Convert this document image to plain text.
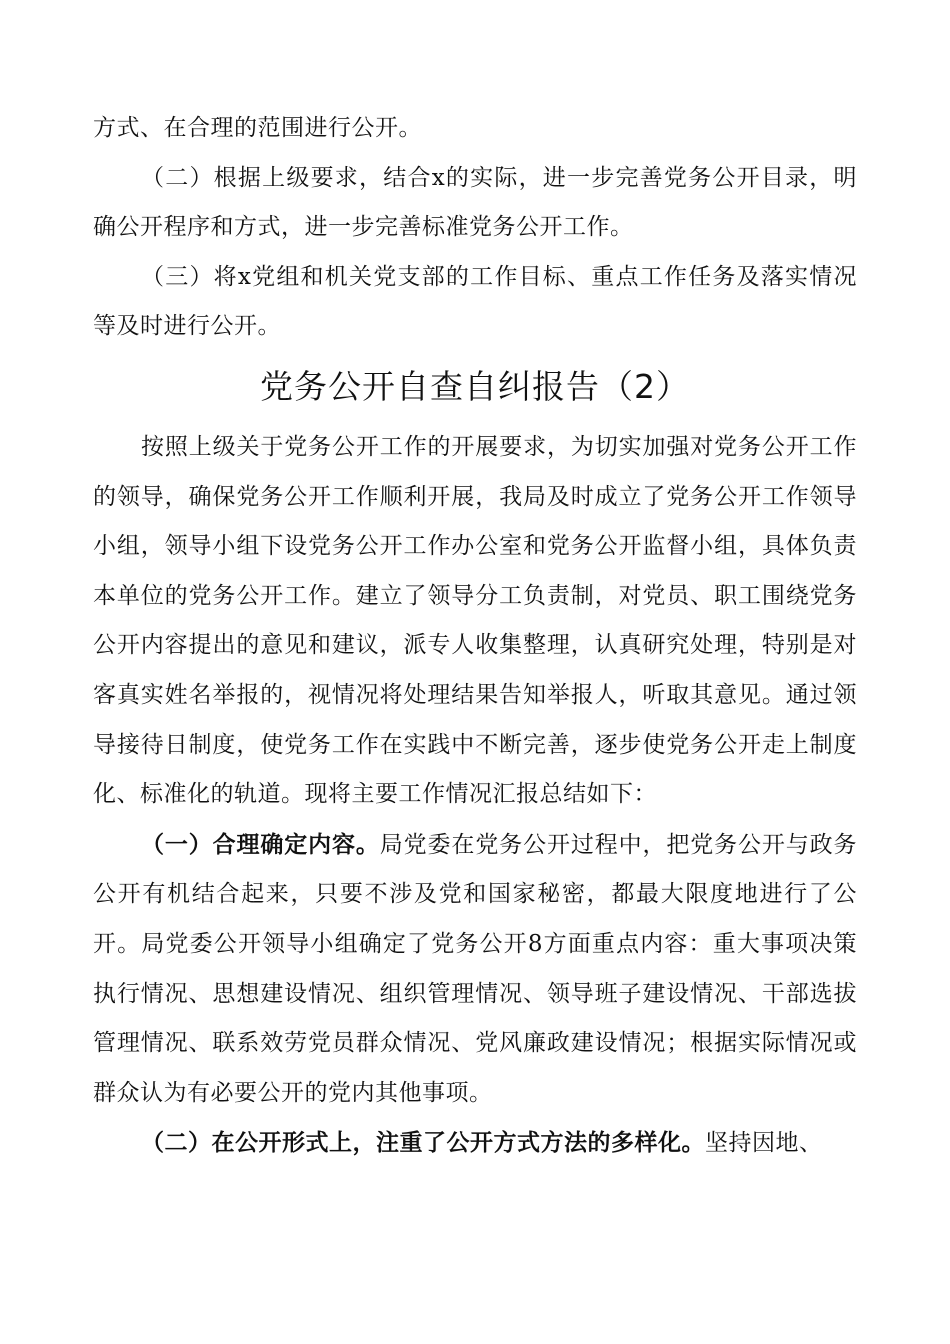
方式、在合理的范围进行公开。

（二）根据上级要求，结合x的实际，进一步完善党务公开目录，明确公开程序和方式，进一步完善标准党务公开工作。

（三）将x党组和机关党支部的工作目标、重点工作任务及落实情况等及时进行公开。

党务公开自查自纠报告（2）

按照上级关于党务公开工作的开展要求，为切实加强对党务公开工作的领导，确保党务公开工作顺利开展，我局及时成立了党务公开工作领导小组，领导小组下设党务公开工作办公室和党务公开监督小组，具体负责本单位的党务公开工作。建立了领导分工负责制，对党员、职工围绕党务公开内容提出的意见和建议，派专人收集整理，认真研究处理，特别是对客真实姓名举报的，视情况将处理结果告知举报人，听取其意见。通过领导接待日制度，使党务工作在实践中不断完善，逐步使党务公开走上制度化、标准化的轨道。现将主要工作情况汇报总结如下：

（一）合理确定内容。局党委在党务公开过程中，把党务公开与政务公开有机结合起来，只要不涉及党和国家秘密，都最大限度地进行了公开。局党委公开领导小组确定了党务公开8方面重点内容：重大事项决策执行情况、思想建设情况、组织管理情况、领导班子建设情况、干部选拔管理情况、联系效劳党员群众情况、党风廉政建设情况；根据实际情况或群众认为有必要公开的党内其他事项。

（二）在公开形式上，注重了公开方式方法的多样化。坚持因地、
